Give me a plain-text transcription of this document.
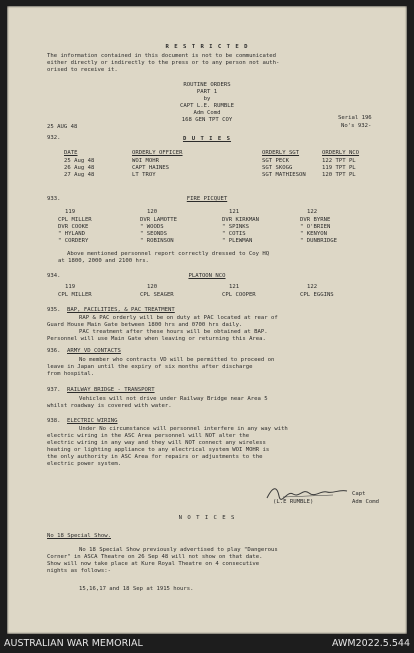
R E S T R I C T E D
The information contained in this document is not to be communicated
either directly or indirectly to the press or to any person not auth-
orised to receive it.
ROUTINE ORDERS
PART 1
by
CAPT L.E. RUMBLE
Adm Comd
168 GEN TPT COY	Serial 196
No's 932-
25 AUG 48
932.	D U T I E S
DATE	ORDERLY OFFICER	ORDERLY SGT	ORDERLY NCO
25 Aug 48	WOI MOHR	SGT PECK	122 TPT PL
26 Aug 48	CAPT HAINES	SGT SKOGG	119 TPT PL
27 Aug 48	LT TROY	SGT MATHIESON	120 TPT PL
933.	FIRE PICQUET
119	120	121	122
CPL MILLER	DVR LAMOTTE	DVR KIRKMAN	DVR BYRNE
DVR COOKE	" WOODS	" SPINKS	" O'BRIEN
" HYLAND	" SEONDS	" COTIS	" KENYON
" CORDERY	" ROBINSON	" PLEWMAN	" DUNBRIDGE
Above mentioned personnel report correctly dressed to Coy HQ
at 1800, 2000 and 2100 hrs.
934.	PLATOON NCO
119	120	121	122
CPL MILLER	CPL SEAGER	CPL COOPER	CPL EGGINS
935. BAP, FACILITIES, & PAC TREATMENT
RAP & PAC orderly will be on duty at PAC located at rear of
Guard House Main Gate between 1800 hrs and 0700 hrs daily.
PAC treatment after these hours will be obtained at BAP.
Personnel will use Main Gate when leaving or returning this Area.
936. ARMY VD CONTACTS
No member who contracts VD will be permitted to proceed on
leave in Japan until the expiry of six months after discharge
from hospital.
937. RAILWAY BRIDGE - TRANSPORT
Vehicles will not drive under Railway Bridge near Area 5
whilst roadway is covered with water.
938. ELECTRIC WIRING
Under No circumstance will personnel interfere in any way with
electric wiring in the ASC Area personnel will NOT alter the
electric wiring in any way and they will NOT connect any wireless
heating or lighting appliance to any electrical system WOI MOHR is
the only authority in ASC Area for repairs or adjustments to the
electric power system.
Capt
(L.E RUMBLE)	Adm Comd
N O T I C E S
No 18 Special Show.
No 18 Special Show previously advertised to play "Dangerous
Corner" in ASCA Theatre on 26 Sep 48 will not show on that date.
Show will now take place at Kure Royal Theatre on 4 consecutive
nights as follows:-
15,16,17 and 18 Sep at 1915 hours.
AUSTRALIAN WAR MEMORIAL	AWM2022.5.544
